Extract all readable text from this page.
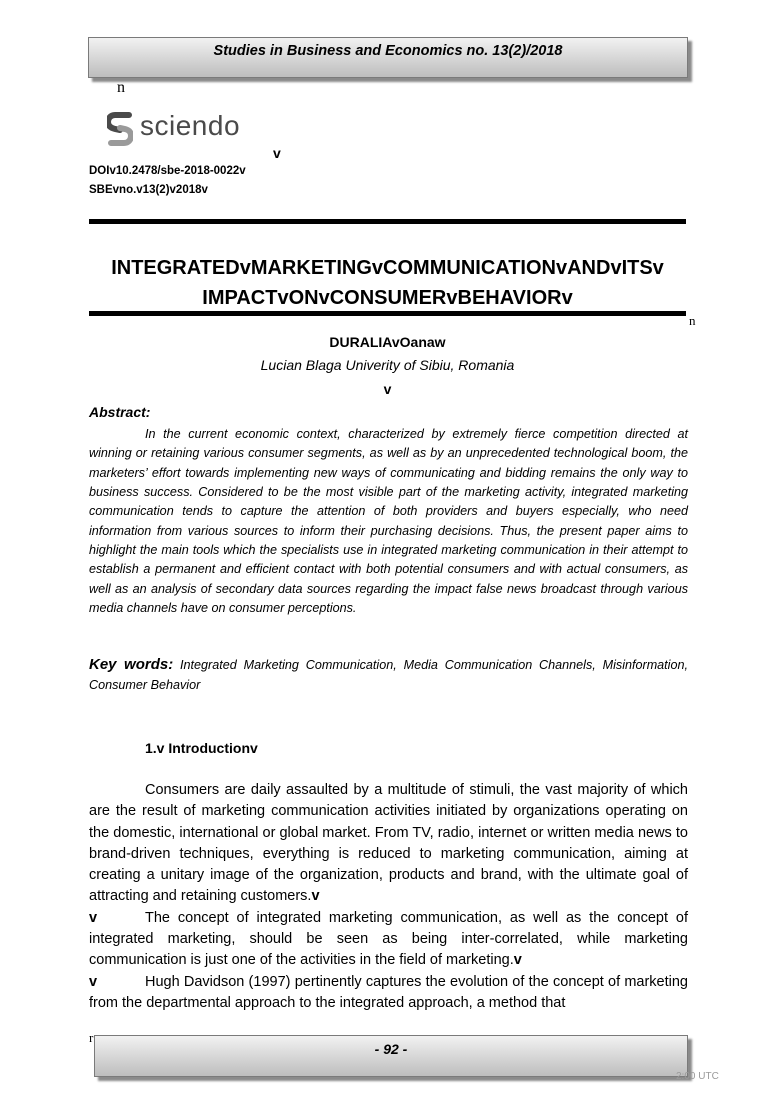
Studies in Business and Economics no. 13(2)/2018
n
sciendo
v
DOIv10.2478/sbe-2018-0022v
SBEvno.v13(2)v2018v
INTEGRATEDvMARKETINGvCOMMUNICATIONvANDvITSv
IMPACTvONvCONSUMERvBEHAVIORv
n
DURALIAvOanaw
Lucian Blaga Univerity of Sibiu, Romania
v
Abstract:
In the current economic context, characterized by extremely fierce competition directed at winning or retaining various consumer segments, as well as by an unprecedented technological boom, the marketers’ effort towards implementing new ways of communicating and bidding remains the only way to business success. Considered to be the most visible part of the marketing activity, integrated marketing communication tends to capture the attention of both providers and buyers especially, who need information from various sources to inform their purchasing decisions. Thus, the present paper aims to highlight the main tools which the specialists use in integrated marketing communication in their attempt to establish a permanent and efficient contact with both potential consumers and with actual consumers, as well as an analysis of secondary data sources regarding the impact false news broadcast through various media channels have on consumer perceptions.
Key words: Integrated Marketing Communication, Media Communication Channels, Misinformation, Consumer Behavior
1.v Introductionv

Consumers are daily assaulted by a multitude of stimuli, the vast majority of which are the result of marketing communication activities initiated by organizations operating on the domestic, international or global market. From TV, radio, internet or written media news to brand-driven techniques, everything is reduced to marketing communication, aiming at creating a unitary image of the organization, products and brand, with the ultimate goal of attracting and retaining customers.v

v	The concept of integrated marketing communication, as well as the concept of integrated marketing, should be seen as being inter-correlated, while marketing communication is just one of the activities in the field of marketing.v

v	Hugh Davidson (1997) pertinently captures the evolution of the concept of marketing from the departmental approach to the integrated approach, a method that

r
- 92 -
2:00 UTC
